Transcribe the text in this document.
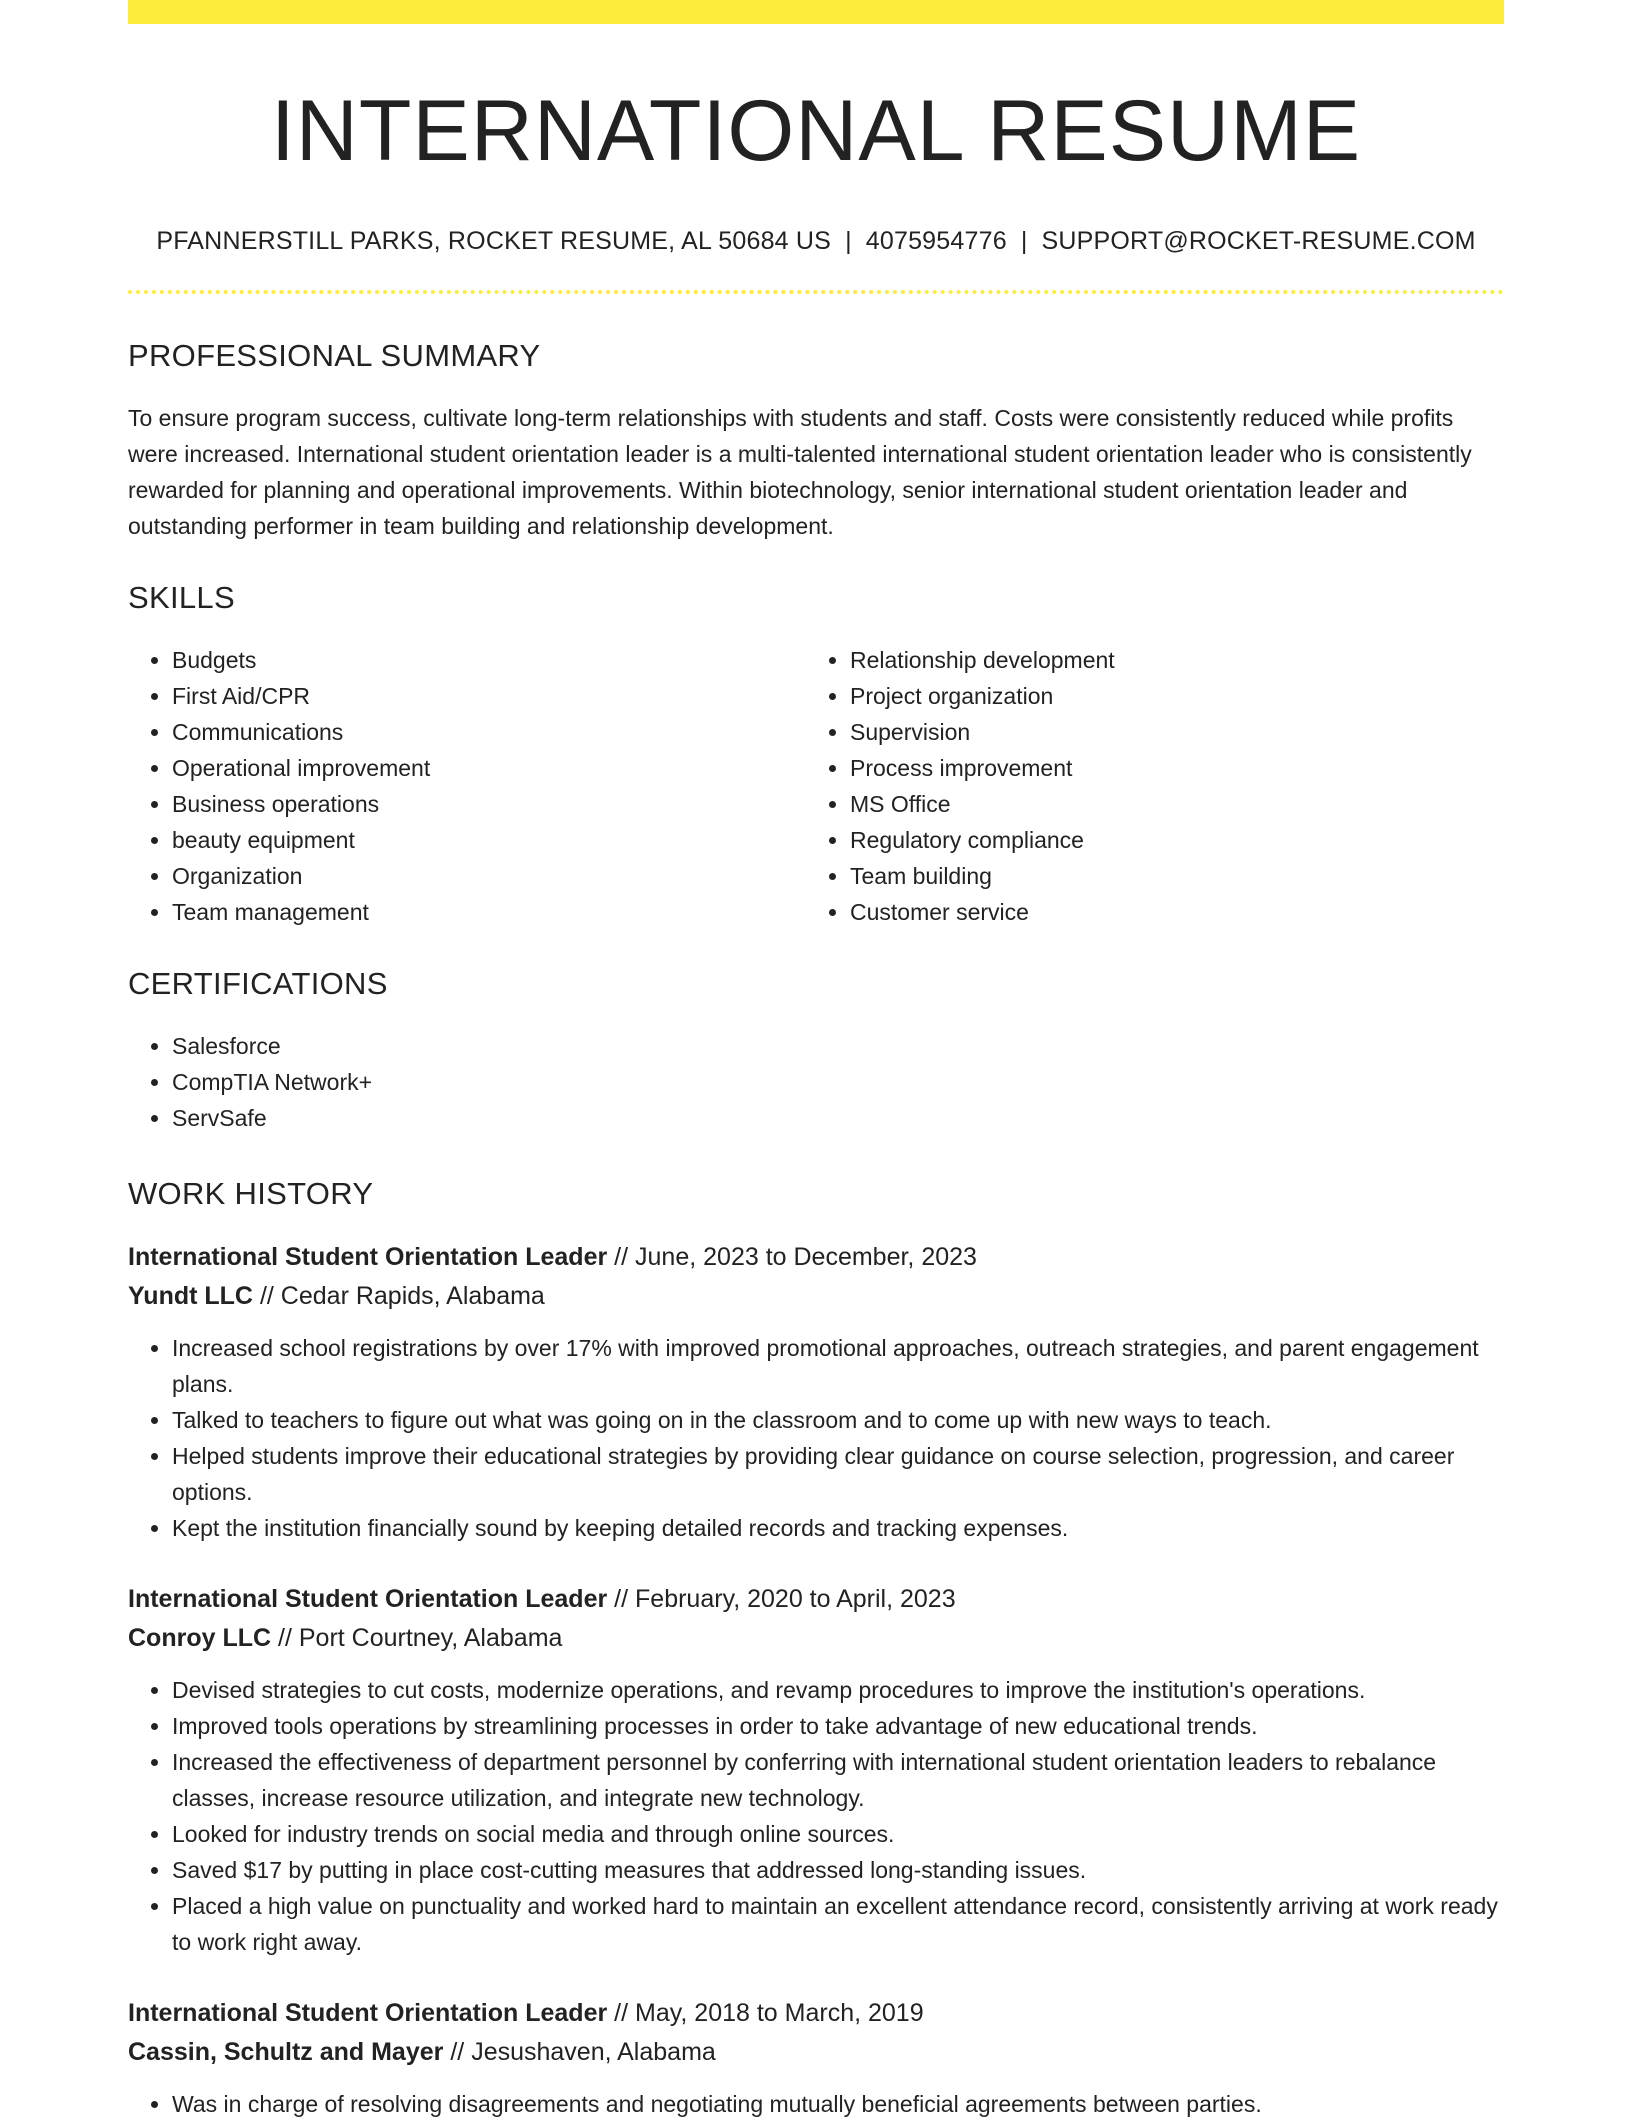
INTERNATIONAL RESUME
PFANNERSTILL PARKS, ROCKET RESUME, AL 50684 US | 4075954776 | SUPPORT@ROCKET-RESUME.COM
PROFESSIONAL SUMMARY
To ensure program success, cultivate long-term relationships with students and staff. Costs were consistently reduced while profits were increased. International student orientation leader is a multi-talented international student orientation leader who is consistently rewarded for planning and operational improvements. Within biotechnology, senior international student orientation leader and outstanding performer in team building and relationship development.
SKILLS
• Budgets
• First Aid/CPR
• Communications
• Operational improvement
• Business operations
• beauty equipment
• Organization
• Team management
• Relationship development
• Project organization
• Supervision
• Process improvement
• MS Office
• Regulatory compliance
• Team building
• Customer service
CERTIFICATIONS
• Salesforce
• CompTIA Network+
• ServSafe
WORK HISTORY
International Student Orientation Leader // June, 2023 to December, 2023
Yundt LLC // Cedar Rapids, Alabama
• Increased school registrations by over 17% with improved promotional approaches, outreach strategies, and parent engagement plans.
• Talked to teachers to figure out what was going on in the classroom and to come up with new ways to teach.
• Helped students improve their educational strategies by providing clear guidance on course selection, progression, and career options.
• Kept the institution financially sound by keeping detailed records and tracking expenses.
International Student Orientation Leader // February, 2020 to April, 2023
Conroy LLC // Port Courtney, Alabama
• Devised strategies to cut costs, modernize operations, and revamp procedures to improve the institution's operations.
• Improved tools operations by streamlining processes in order to take advantage of new educational trends.
• Increased the effectiveness of department personnel by conferring with international student orientation leaders to rebalance classes, increase resource utilization, and integrate new technology.
• Looked for industry trends on social media and through online sources.
• Saved $17 by putting in place cost-cutting measures that addressed long-standing issues.
• Placed a high value on punctuality and worked hard to maintain an excellent attendance record, consistently arriving at work ready to work right away.
International Student Orientation Leader // May, 2018 to March, 2019
Cassin, Schultz and Mayer // Jesushaven, Alabama
• Was in charge of resolving disagreements and negotiating mutually beneficial agreements between parties.
